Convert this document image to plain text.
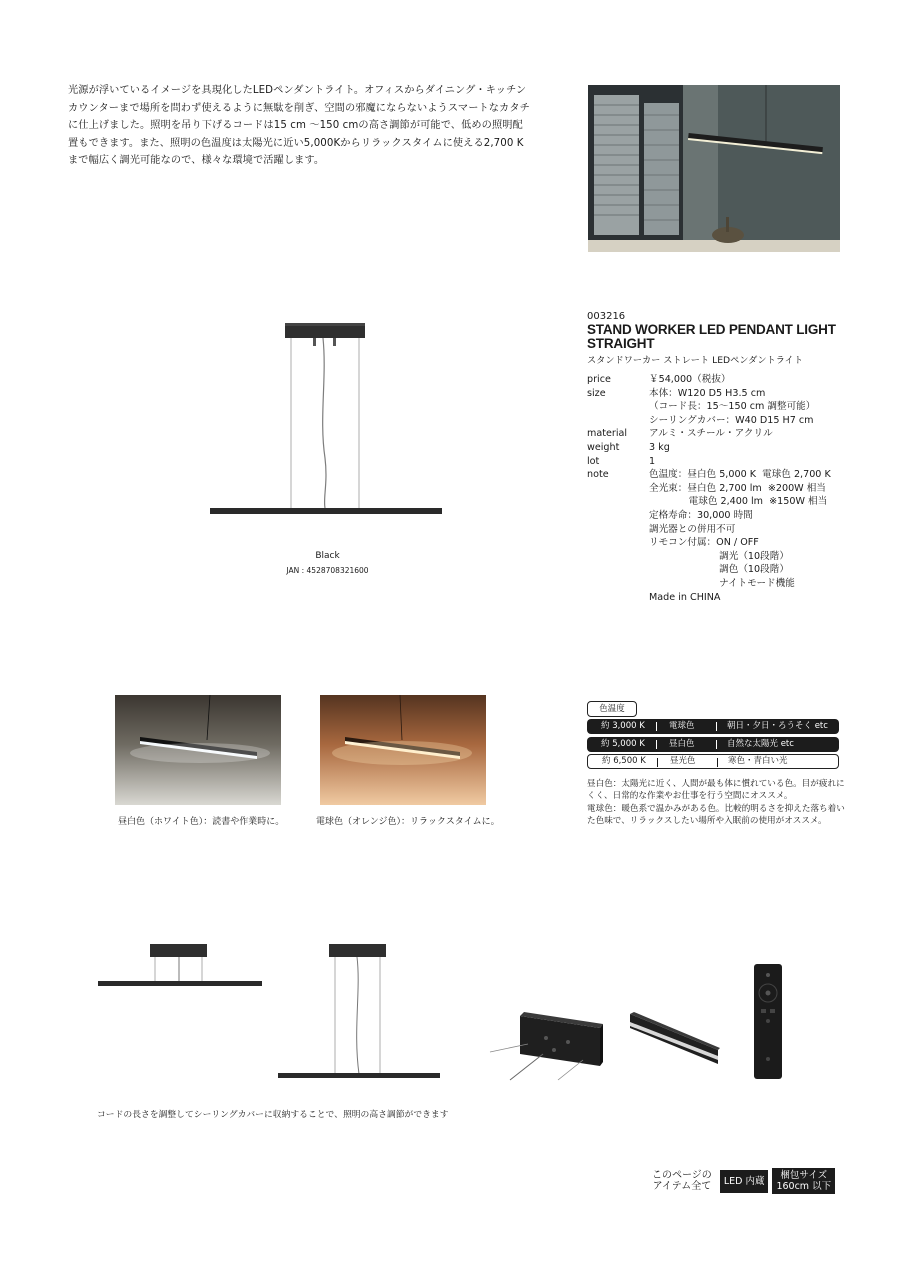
光源が浮いているイメージを具現化したLEDペンダントライト。オフィスからダイニング・キッチンカウンターまで場所を問わず使えるように無駄を削ぎ、空間の邪魔にならないようスマートなカタチに仕上げました。照明を吊り下げるコードは15 cm 〜150 cmの高さ調節が可能で、低めの照明配置もできます。また、照明の色温度は太陽光に近い5,000Kからリラックスタイムに使える2,700 Kまで幅広く調光可能なので、様々な環境で活躍します。
003216
STAND WORKER LED PENDANT LIGHT STRAIGHT
スタンドワーカー ストレート LEDペンダントライト
price	￥54,000（税抜）
size	本体：W120 D5 H3.5 cm
（コード長：15〜150 cm 調整可能）
シーリングカバー：W40 D15 H7 cm
material	アルミ・スチール・アクリル
weight	3 kg
lot	1
note	色温度：昼白色 5,000 K  電球色 2,700 K
全光束：昼白色 2,700 lm  ※200W 相当
電球色 2,400 lm  ※150W 相当
定格寿命：30,000 時間
調光器との併用不可
リモコン付属：ON / OFF
調光（10段階）
調色（10段階）
ナイトモード機能
Made in CHINA
Black
JAN : 4528708321600
昼白色（ホワイト色）：読書や作業時に。	電球色（オレンジ色）：リラックスタイムに。
色温度
約 3,000 K	電球色	朝日・夕日・ろうそく etc
約 5,000 K	昼白色	自然な太陽光 etc
約 6,500 K	昼光色	寒色・青白い光
昼白色：太陽光に近く、人間が最も体に慣れている色。目が疲れにくく、日常的な作業やお仕事を行う空間にオススメ。
電球色：暖色系で温かみがある色。比較的明るさを抑えた落ち着いた色味で、リラックスしたい場所や入眠前の使用がオススメ。
コードの長さを調整してシーリングカバーに収納することで、照明の高さ調節ができます
このページの
アイテム全て	LED 内蔵	梱包サイズ
160cm 以下
